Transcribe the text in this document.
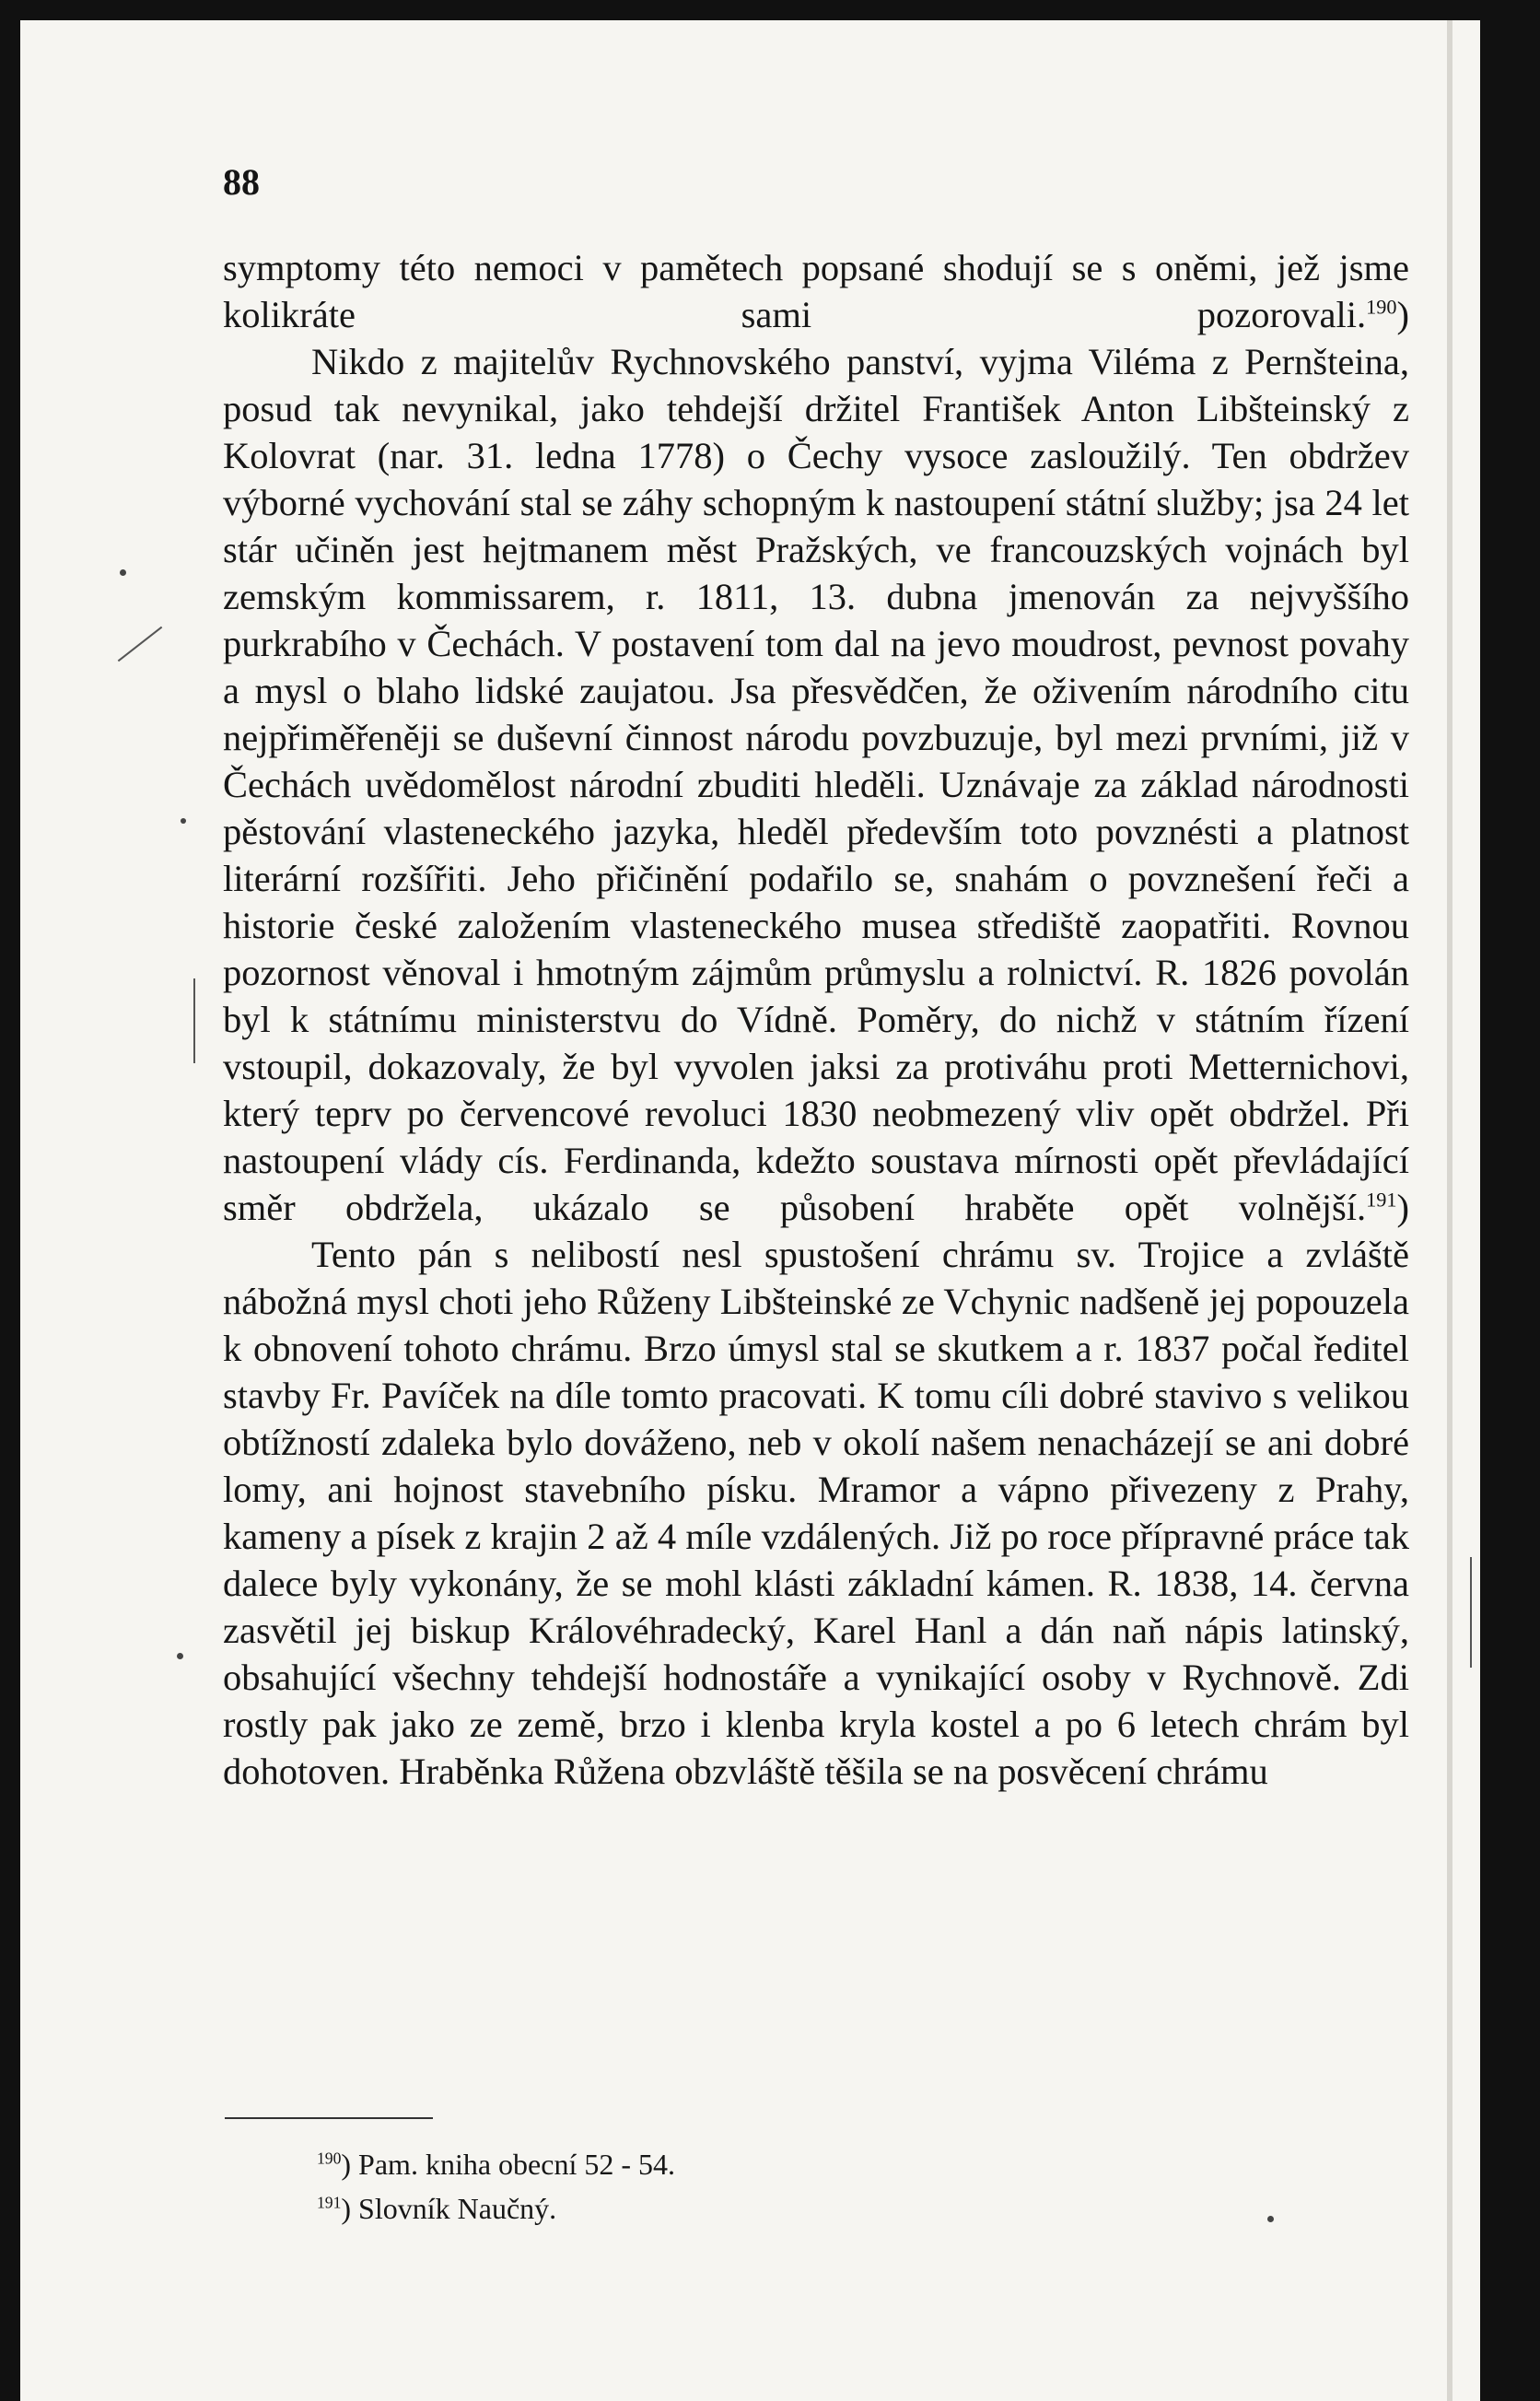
88

symptomy této nemoci v pamětech popsané shodují se s oněmi, jež jsme kolikráte sami pozorovali.$^{190}$)

Nikdo z majitelův Rychnovského panství, vyjma Viléma z Pernšteina, posud tak nevynikal, jako tehdejší držitel František Anton Libšteinský z Kolovrat (nar. 31. ledna 1778) o Čechy vysoce zasloužilý. Ten obdržev výborné vychování stal se záhy schopným k nastoupení státní služby; jsa 24 let stár učiněn jest hejtmanem měst Pražských, ve francouzských vojnách byl zemským kommissarem, r. 1811, 13. dubna jmenován za nejvyššího purkrabího v Čechách. V postavení tom dal na jevo moudrost, pevnost povahy a mysl o blaho lidské zaujatou. Jsa přesvědčen, že oživením národního citu nejpřiměřeněji se duševní činnost národu povzbuzuje, byl mezi prvními, již v Čechách uvědomělost národní zbuditi hleděli. Uznávaje za základ národnosti pěstování vlasteneckého jazyka, hleděl především toto povznésti a platnost literární rozšířiti. Jeho přičinění podařilo se, snahám o povznešení řeči a historie české založením vlasteneckého musea střediště zaopatřiti. Rovnou pozornost věnoval i hmotným zájmům průmyslu a rolnictví. R. 1826 povolán byl k státnímu ministerstvu do Vídně. Poměry, do nichž v státním řízení vstoupil, dokazovaly, že byl vyvolen jaksi za protiváhu proti Metternichovi, který teprv po červencové revoluci 1830 neobmezený vliv opět obdržel. Při nastoupení vlády cís. Ferdinanda, kdežto soustava mírnosti opět převládající směr obdržela, ukázalo se působení hraběte opět volnější.$^{191}$)

Tento pán s nelibostí nesl spustošení chrámu sv. Trojice a zvláště nábožná mysl choti jeho Růženy Libšteinské ze Vchynic nadšeně jej popouzela k obnovení tohoto chrámu. Brzo úmysl stal se skutkem a r. 1837 počal ředitel stavby Fr. Pavíček na díle tomto pracovati. K tomu cíli dobré stavivo s velikou obtížností zdaleka bylo dováženo, neb v okolí našem nenacházejí se ani dobré lomy, ani hojnost stavebního písku. Mramor a vápno přivezeny z Prahy, kameny a písek z krajin 2 až 4 míle vzdálených. Již po roce přípravné práce tak dalece byly vykonány, že se mohl klásti základní kámen. R. 1838, 14. června zasvětil jej biskup Královéhradecký, Karel Hanl a dán naň nápis latinský, obsahující všechny tehdejší hodnostáře a vynikající osoby v Rychnově. Zdi rostly pak jako ze země, brzo i klenba kryla kostel a po 6 letech chrám byl dohotoven. Hraběnka Růžena obzvláště těšila se na posvěcení chrámu

$^{190}$) Pam. kniha obecní 52 - 54.
$^{191}$) Slovník Naučný.
